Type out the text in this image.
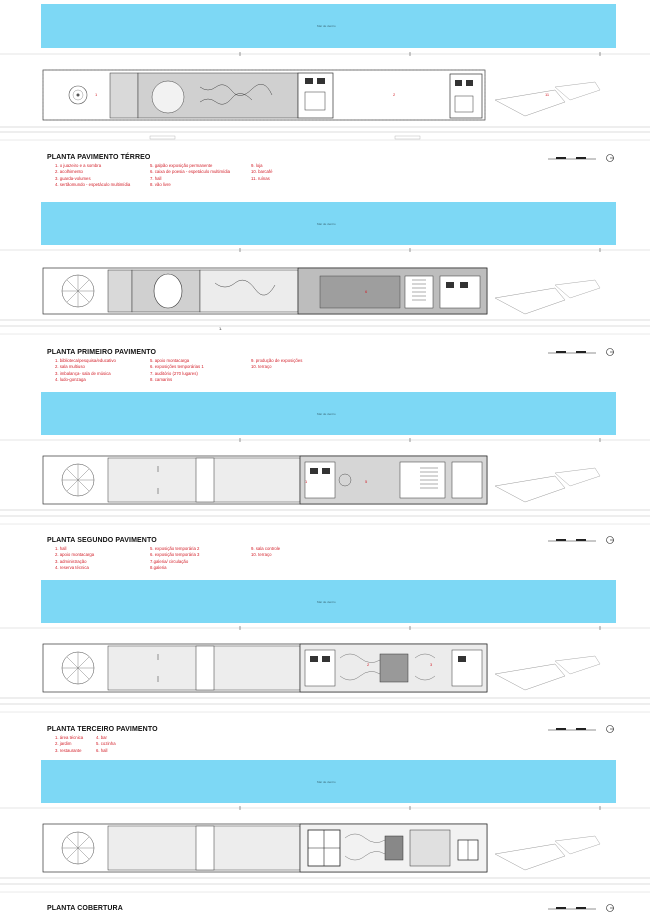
Mar de dentro
1	2	11
PLANTA PAVIMENTO TÉRREO
1. o juazeiro e a sombra
2. acolhimento
3. guarda-volumes
4. sertãomundo - espetáculo multimídia
5. galpão exposição permanente
6. caixa de poesia - espetáculo multimídia
7. hall
8. vão livre
9. loja
10. barcafé
11. ruínas
Mar de dentro
1.
6
PLANTA PRIMEIRO PAVIMENTO
1. biblioteca/pesquisa/educativo
2. sala multiuso
3. imbalança- sala de música
4. ludo-gonzaga
5. apoio montacarga
6. exposições temporárias 1
7. auditório (270 lugares)
8. camarins
9. produção de exposições
10. terraço
Mar de dentro
1	5
PLANTA SEGUNDO PAVIMENTO
1. hall
2. apoio montacarga
3. administração
4. reserva técnica
5. exposição temporária 2
6. exposição temporária 3
7.galeria/ circulação
8.galeria
9. sala controle
10. terraço
Mar de dentro
2	3
PLANTA TERCEIRO PAVIMENTO
1. área técnica
2. jardim
3. restaurante
4. bar
5. cozinha
6. hall
Mar de dentro
PLANTA COBERTURA
